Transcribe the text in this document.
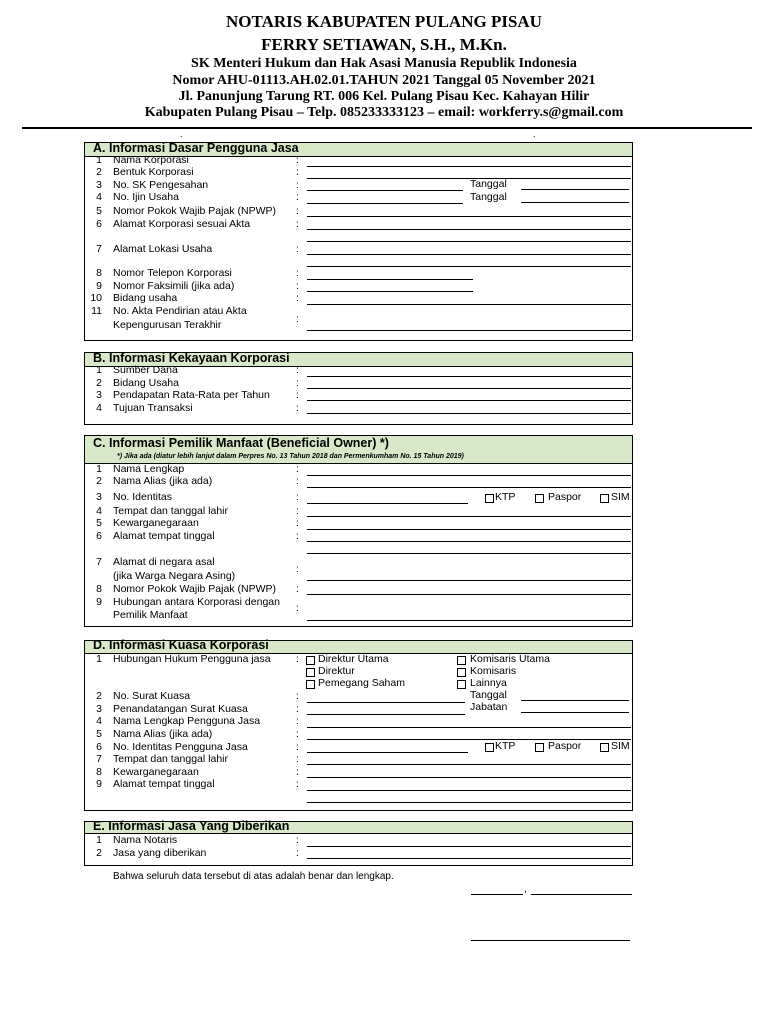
NOTARIS KABUPATEN PULANG PISAU
FERRY SETIAWAN, S.H., M.Kn.
SK Menteri Hukum dan Hak Asasi Manusia Republik Indonesia
Nomor AHU-01113.AH.02.01.TAHUN 2021 Tanggal 05 November 2021
Jl. Panunjung Tarung RT. 006 Kel. Pulang Pisau Kec. Kahayan Hilir
Kabupaten Pulang Pisau – Telp. 085233333123 – email: workferry.s@gmail.com
.	.
A. Informasi Dasar Pengguna Jasa
B. Informasi Kekayaan Korporasi
C. Informasi Pemilik Manfaat (Beneficial Owner) *)
*) Jika ada (diatur lebih lanjut dalam Perpres No. 13 Tahun 2018 dan Permenkumham No. 15 Tahun 2019)
D. Informasi Kuasa Korporasi
E. Informasi Jasa Yang Diberikan
1 Nama Korporasi	:
2 Bentuk Korporasi	:
3 No. SK Pengesahan	:	Tanggal
4 No. Ijin Usaha	:	Tanggal
5 Nomor Pokok Wajib Pajak (NPWP) :
6 Alamat Korporasi sesuai Akta	:
7 Alamat Lokasi Usaha	:
8 Nomor Telepon Korporasi	:
9 Nomor Faksimili (jika ada)	:
10 Bidang usaha	:
11 No. Akta Pendirian atau Akta
Kepengurusan Terakhir	:
1 Sumber Dana	:
2 Bidang Usaha	:
3 Pendapatan Rata-Rata per Tahun :
4 Tujuan Transaksi	:
1 Nama Lengkap	:
2 Nama Alias (jika ada)	:
3 No. Identitas	:	KTP	Paspor	SIM
4 Tempat dan tanggal lahir	:
5 Kewarganegaraan	:
6 Alamat tempat tinggal	:
7 Alamat di negara asal
(jika Warga Negara Asing)
:
8 Nomor Pokok Wajib Pajak (NPWP) :
9 Hubungan antara Korporasi dengan
Pemilik Manfaat
:
1 Hubungan Hukum Pengguna jasa : Direktur Utama
Direktur
Pemegang Saham
Komisaris Utama
Komisaris
Lainnya
2 No. Surat Kuasa	:	Tanggal
3 Penandatangan Surat Kuasa	:	Jabatan
4 Nama Lengkap Pengguna Jasa	:
5 Nama Alias (jika ada)	:
6 No. Identitas Pengguna Jasa	:	KTP	Paspor	SIM
7 Tempat dan tanggal lahir	:
8 Kewarganegaraan	:
9 Alamat tempat tinggal	:
1 Nama Notaris	:
2 Jasa yang diberikan	:
Bahwa seluruh data tersebut di atas adalah benar dan lengkap.
,
